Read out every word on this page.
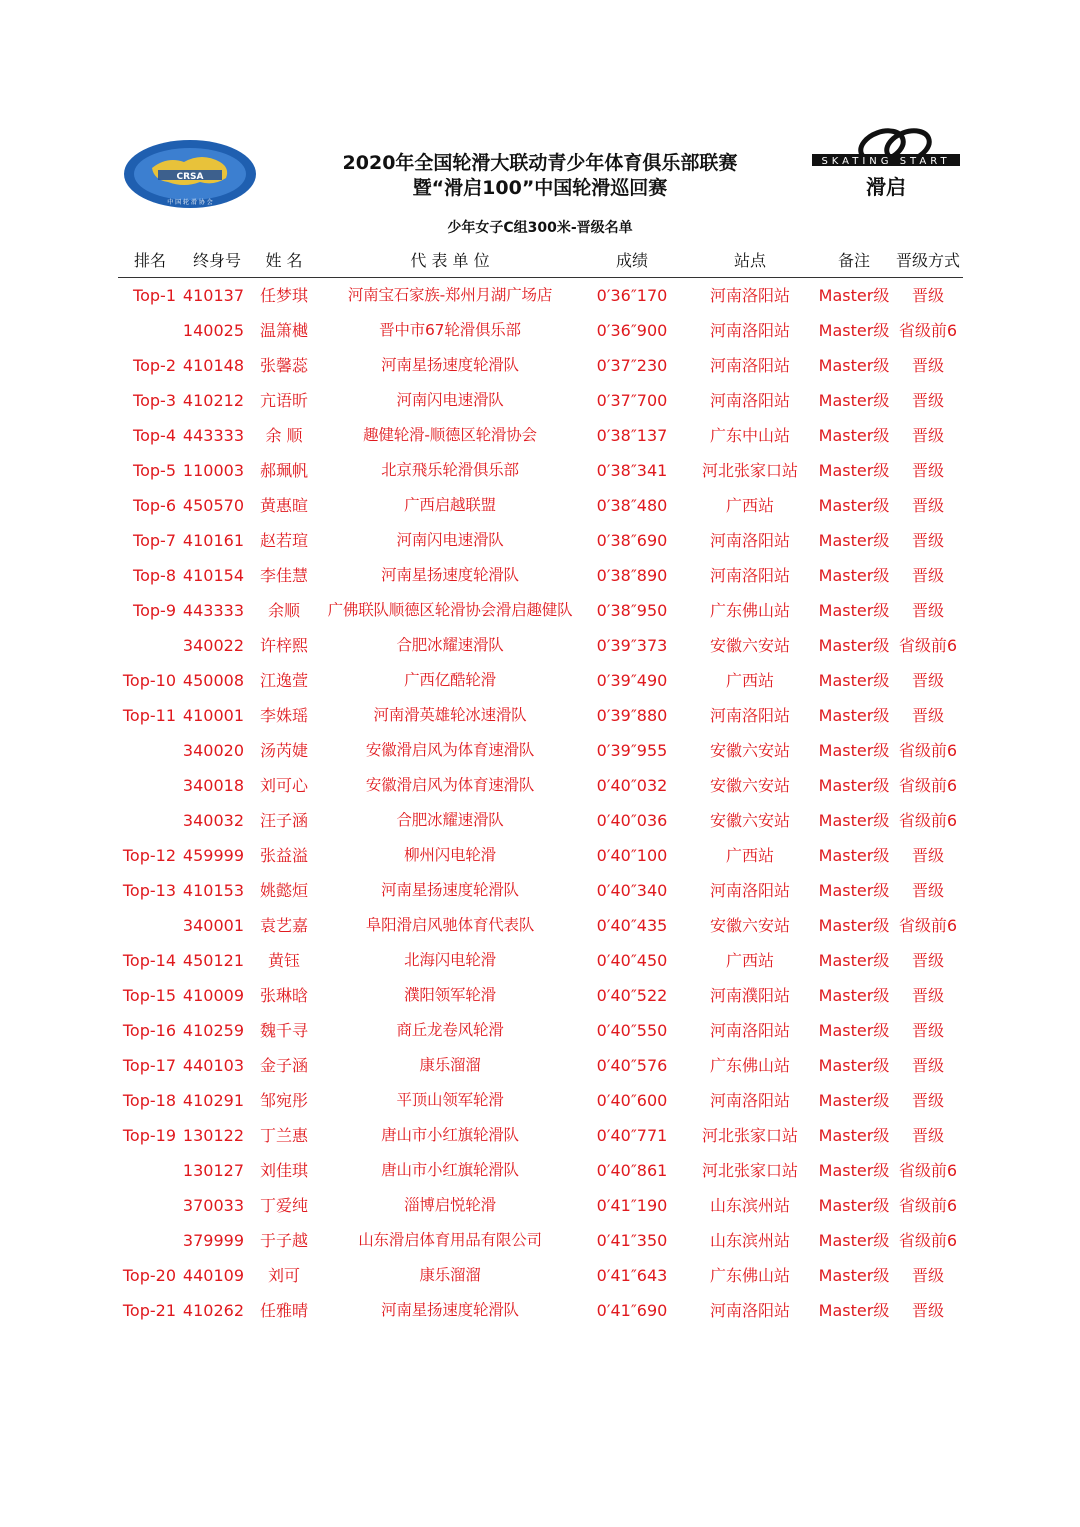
CRSA
中 国 轮 滑 协 会
SKATING START
滑启
2020年全国轮滑大联动青少年体育俱乐部联赛
暨“滑启100”中国轮滑巡回赛
少年女子C组300米-晋级名单
排名	终身号	姓 名	代 表 单 位	成绩	站点	备注	晋级方式
Top-1 410137 任梦琪	河南宝石家族-郑州月湖广场店	0′36″170	河南洛阳站	Master级	晋级
140025 温箫樾	晋中市67轮滑俱乐部	0′36″900	河南洛阳站	Master级 省级前6
Top-2 410148 张馨蕊	河南星扬速度轮滑队	0′37″230	河南洛阳站	Master级	晋级
Top-3 410212 亢语昕	河南闪电速滑队	0′37″700	河南洛阳站	Master级	晋级
Top-4 443333	余 顺	趣健轮滑-顺德区轮滑协会	0′38″137	广东中山站	Master级	晋级
Top-5 110003 郝珮帆	北京飛乐轮滑俱乐部	0′38″341	河北张家口站	Master级	晋级
Top-6 450570 黄惠暄	广西启越联盟	0′38″480	广西站	Master级	晋级
Top-7 410161 赵若瑄	河南闪电速滑队	0′38″690	河南洛阳站	Master级	晋级
Top-8 410154 李佳慧	河南星扬速度轮滑队	0′38″890	河南洛阳站	Master级	晋级
Top-9 443333	余顺	广佛联队顺德区轮滑协会滑启趣健队	0′38″950	广东佛山站	Master级	晋级
340022 许梓熙	合肥冰耀速滑队	0′39″373	安徽六安站	Master级 省级前6
Top-10 450008 江逸萱	广西亿酷轮滑	0′39″490	广西站	Master级	晋级
Top-11 410001 李姝瑶	河南滑英雄轮冰速滑队	0′39″880	河南洛阳站	Master级	晋级
340020 汤芮婕	安徽滑启风为体育速滑队	0′39″955	安徽六安站	Master级 省级前6
340018 刘可心	安徽滑启风为体育速滑队	0′40″032	安徽六安站	Master级 省级前6
340032 汪子涵	合肥冰耀速滑队	0′40″036	安徽六安站	Master级 省级前6
Top-12 459999 张益溢	柳州闪电轮滑	0′40″100	广西站	Master级	晋级
Top-13 410153 姚懿烜	河南星扬速度轮滑队	0′40″340	河南洛阳站	Master级	晋级
340001 袁艺嘉	阜阳滑启风驰体育代表队	0′40″435	安徽六安站	Master级 省级前6
Top-14 450121	黄钰	北海闪电轮滑	0′40″450	广西站	Master级	晋级
Top-15 410009 张琳晗	濮阳领军轮滑	0′40″522	河南濮阳站	Master级	晋级
Top-16 410259 魏千寻	商丘龙卷风轮滑	0′40″550	河南洛阳站	Master级	晋级
Top-17 440103 金子涵	康乐溜溜	0′40″576	广东佛山站	Master级	晋级
Top-18 410291 邹宛彤	平顶山领军轮滑	0′40″600	河南洛阳站	Master级	晋级
Top-19 130122 丁兰惠	唐山市小红旗轮滑队	0′40″771	河北张家口站	Master级	晋级
130127 刘佳琪	唐山市小红旗轮滑队	0′40″861	河北张家口站	Master级 省级前6
370033 丁爱纯	淄博启悦轮滑	0′41″190	山东滨州站	Master级 省级前6
379999 于子越	山东滑启体育用品有限公司	0′41″350	山东滨州站	Master级 省级前6
Top-20 440109	刘可	康乐溜溜	0′41″643	广东佛山站	Master级	晋级
Top-21 410262 任雅晴	河南星扬速度轮滑队	0′41″690	河南洛阳站	Master级	晋级
